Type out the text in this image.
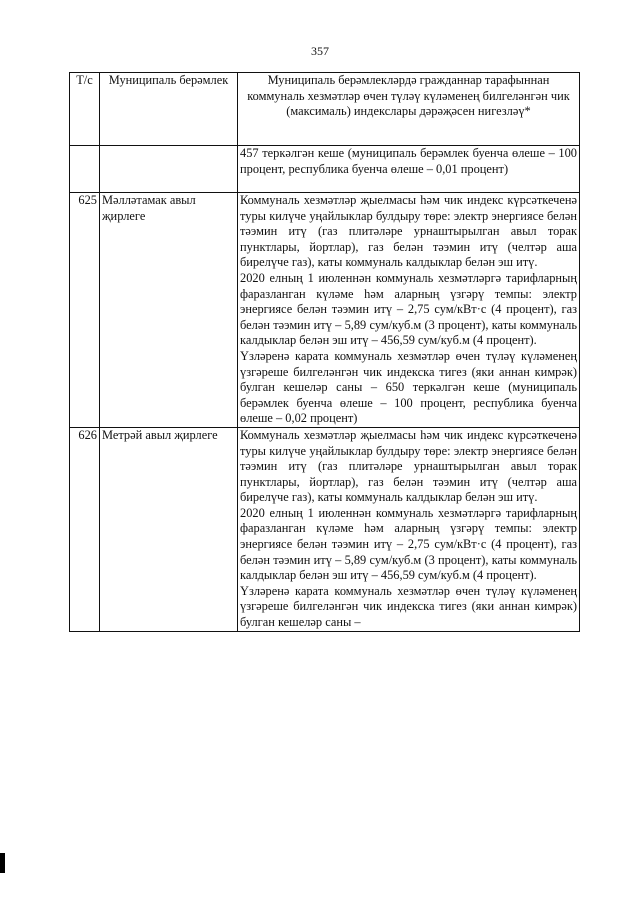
357
Т/с	Муниципаль берәмлек	Муниципаль берәмлекләрдә гражданнар тарафыннан коммуналь хезмәтләр өчен түләү күләменең билгеләнгән чик (максималь) индекслары дәрәҗәсен нигезләү*

		457 теркәлгән кеше (муниципаль берәмлек буенча өлеше – 100 процент, республика буенча өлеше – 0,01 процент)

625	Мәлләтамак авыл җирлеге	Коммуналь хезмәтләр җыелмасы һәм чик индекс күрсәткеченә туры килүче уңайлыклар булдыру төре: электр энергиясе белән тәэмин итү (газ плитәләре урнаштырылган авыл торак пунктлары, йортлар), газ белән тәэмин итү (челтәр аша бирелүче газ), каты коммуналь калдыклар белән эш итү.

2020 елның 1 июленнән коммуналь хезмәтләргә тарифларның фаразланган күләме һәм аларның үзгәрү темпы: электр энергиясе белән тәэмин итү – 2,75 сум/кВт·с (4 процент), газ белән тәэмин итү – 5,89 сум/куб.м (3 процент), каты коммуналь калдыклар белән эш итү – 456,59 сум/куб.м (4 процент).

Үзләренә карата коммуналь хезмәтләр өчен түләү күләменең үзгәреше билгеләнгән чик индекска тигез (яки аннан кимрәк) булган кешеләр саны – 650 теркәлгән кеше (муниципаль берәмлек буенча өлеше – 100 процент, республика буенча өлеше – 0,02 процент)

626	Метрәй авыл җирлеге	Коммуналь хезмәтләр җыелмасы һәм чик индекс күрсәткеченә туры килүче уңайлыклар булдыру төре: электр энергиясе белән тәэмин итү (газ плитәләре урнаштырылган авыл торак пунктлары, йортлар), газ белән тәэмин итү (челтәр аша бирелүче газ), каты коммуналь калдыклар белән эш итү.

2020 елның 1 июленнән коммуналь хезмәтләргә тарифларның фаразланган күләме һәм аларның үзгәрү темпы: электр энергиясе белән тәэмин итү – 2,75 сум/кВт·с (4 процент), газ белән тәэмин итү – 5,89 сум/куб.м (3 процент), каты коммуналь калдыклар белән эш итү – 456,59 сум/куб.м (4 процент).

Үзләренә карата коммуналь хезмәтләр өчен түләү күләменең үзгәреше билгеләнгән чик индекска тигез (яки аннан кимрәк) булган кешеләр саны –
